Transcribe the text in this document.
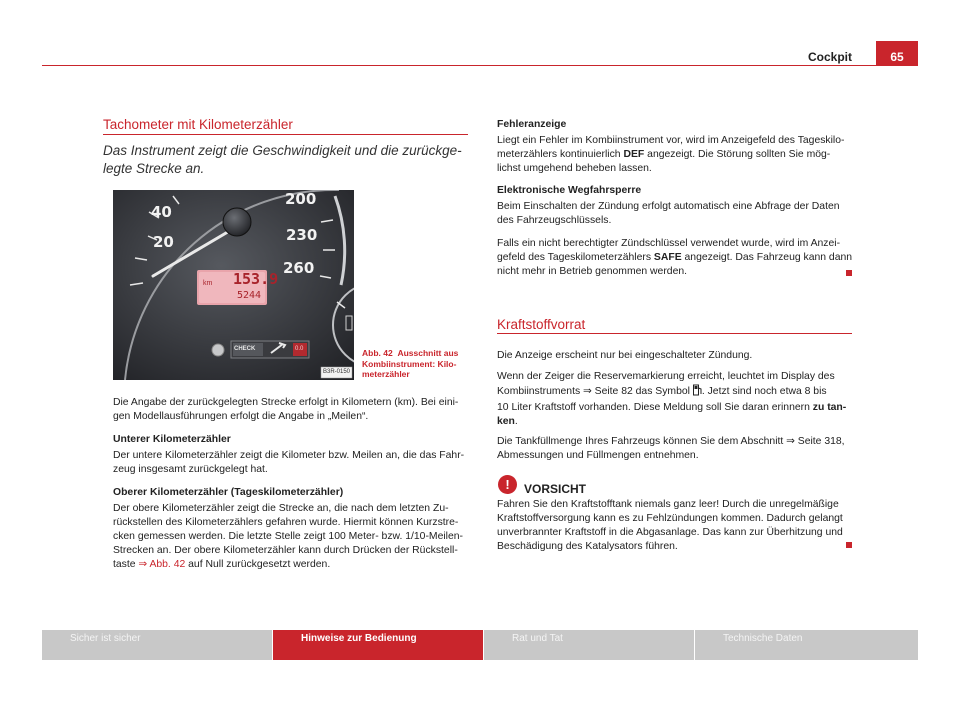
Cockpit	65
Tachometer mit Kilometerzähler
Das Instrument zeigt die Geschwindigkeit und die zurückge-
legte Strecke an.
40
20
200
230
260
km 153.9
5244
CHECK	0.0
B3R-0150
Abb. 42 Ausschnitt aus
Kombiinstrument: Kilo-
meterzähler
Die Angabe der zurückgelegten Strecke erfolgt in Kilometern (km). Bei eini-
gen Modellausführungen erfolgt die Angabe in „Meilen“.
Unterer Kilometerzähler
Der untere Kilometerzähler zeigt die Kilometer bzw. Meilen an, die das Fahr-
zeug insgesamt zurückgelegt hat.
Oberer Kilometerzähler (Tageskilometerzähler)
Der obere Kilometerzähler zeigt die Strecke an, die nach dem letzten Zu-
rückstellen des Kilometerzählers gefahren wurde. Hiermit können Kurzstre-
cken gemessen werden. Die letzte Stelle zeigt 100 Meter- bzw. 1/10-Meilen-
Strecken an. Der obere Kilometerzähler kann durch Drücken der Rückstell-
taste ⇒ Abb. 42 auf Null zurückgesetzt werden.
Fehleranzeige
Liegt ein Fehler im Kombiinstrument vor, wird im Anzeigefeld des Tageskilo-
meterzählers kontinuierlich DEF angezeigt. Die Störung sollten Sie mög-
lichst umgehend beheben lassen.
Elektronische Wegfahrsperre
Beim Einschalten der Zündung erfolgt automatisch eine Abfrage der Daten
des Fahrzeugschlüssels.
Falls ein nicht berechtigter Zündschlüssel verwendet wurde, wird im Anzei-
gefeld des Tageskilometerzählers SAFE angezeigt. Das Fahrzeug kann dann
nicht mehr in Betrieb genommen werden.
Kraftstoffvorrat
Die Anzeige erscheint nur bei eingeschalteter Zündung.
Wenn der Zeiger die Reservemarkierung erreicht, leuchtet im Display des
Kombiinstruments ⇒ Seite 82 das Symbol . Jetzt sind noch etwa 8 bis
10 Liter Kraftstoff vorhanden. Diese Meldung soll Sie daran erinnern zu tan-
ken.
Die Tankfüllmenge Ihres Fahrzeugs können Sie dem Abschnitt ⇒ Seite 318,
Abmessungen und Füllmengen entnehmen.
!	VORSICHT
Fahren Sie den Kraftstofftank niemals ganz leer! Durch die unregelmäßige
Kraftstoffversorgung kann es zu Fehlzündungen kommen. Dadurch gelangt
unverbrannter Kraftstoff in die Abgasanlage. Das kann zur Überhitzung und
Beschädigung des Katalysators führen.
Sicher ist sicher	Hinweise zur Bedienung	Rat und Tat	Technische Daten
